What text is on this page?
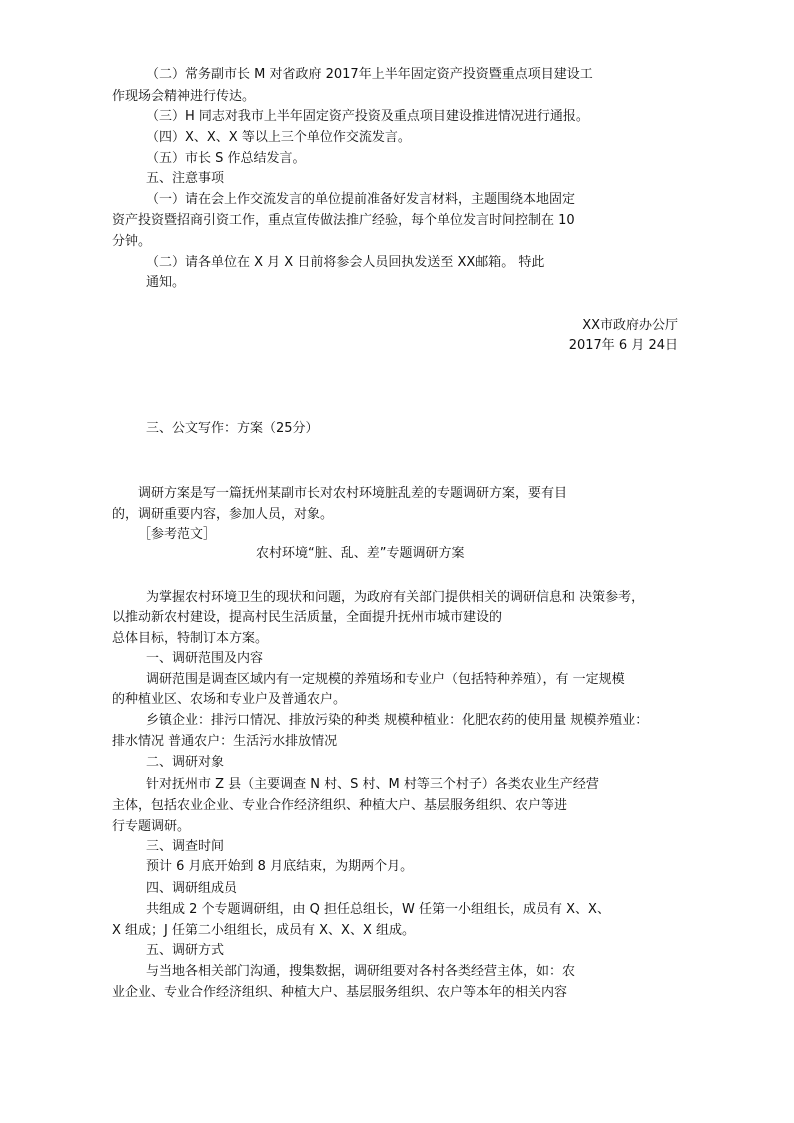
（二）常务副市长 M 对省政府 2017年上半年固定资产投资暨重点项目建设工
作现场会精神进行传达。
（三）H 同志对我市上半年固定资产投资及重点项目建设推进情况进行通报。
（四）X、X、X 等以上三个单位作交流发言。
（五）市长 S 作总结发言。
五、注意事项
（一）请在会上作交流发言的单位提前准备好发言材料，主题围绕本地固定
资产投资暨招商引资工作，重点宣传做法推广经验，每个单位发言时间控制在 10
分钟。
（二）请各单位在 X 月 X 日前将参会人员回执发送至 XX邮箱。 特此
通知。
XX市政府办公厅
2017年 6 月 24日
三、公文写作：方案（25分）
调研方案是写一篇抚州某副市长对农村环境脏乱差的专题调研方案，要有目
的，调研重要内容，参加人员，对象。
［参考范文］
农村环境“脏、乱、差”专题调研方案
为掌握农村环境卫生的现状和问题，为政府有关部门提供相关的调研信息和 决策参考，
以推动新农村建设，提高村民生活质量，全面提升抚州市城市建设的
总体目标，特制订本方案。
一、调研范围及内容
调研范围是调查区域内有一定规模的养殖场和专业户（包括特种养殖），有 一定规模
的种植业区、农场和专业户及普通农户。
乡镇企业：排污口情况、排放污染的种类 规模种植业：化肥农药的使用量 规模养殖业：
排水情况 普通农户：生活污水排放情况
二、调研对象
针对抚州市 Z 县（主要调查 N 村、S 村、M 村等三个村子）各类农业生产经营
主体，包括农业企业、专业合作经济组织、种植大户、基层服务组织、农户等进
行专题调研。
三、调查时间
预计 6 月底开始到 8 月底结束，为期两个月。
四、调研组成员
共组成 2 个专题调研组，由 Q 担任总组长，W 任第一小组组长，成员有 X、X、
X 组成；J 任第二小组组长，成员有 X、X、X 组成。
五、调研方式
与当地各相关部门沟通，搜集数据，调研组要对各村各类经营主体，如：农
业企业、专业合作经济组织、种植大户、基层服务组织、农户等本年的相关内容
